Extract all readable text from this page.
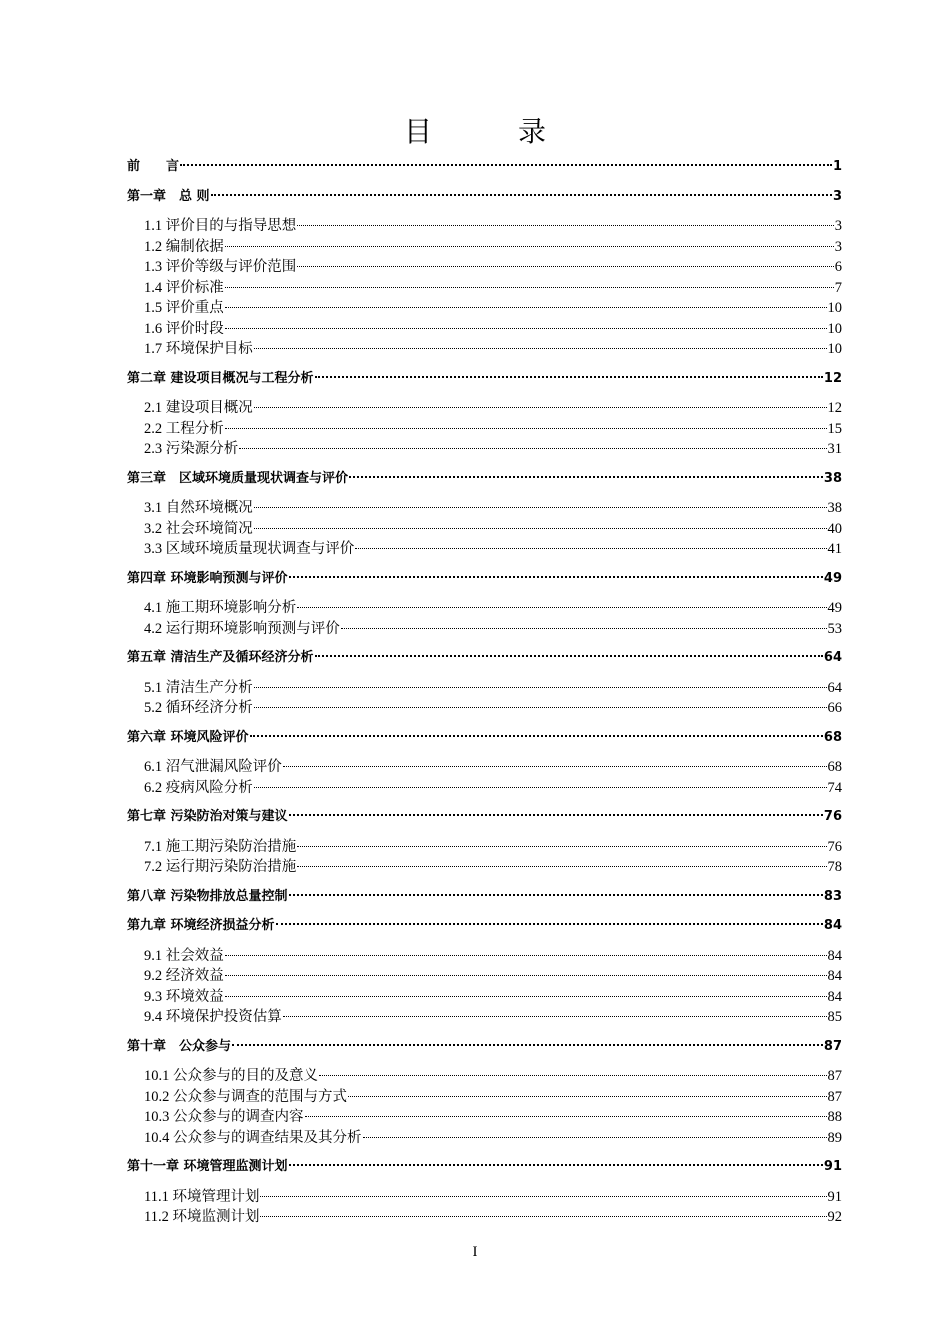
目	录
前　　言	1
第一章　总 则	3
1.1 评价目的与指导思想	3
1.2 编制依据	3
1.3 评价等级与评价范围	6
1.4 评价标准	7
1.5 评价重点	10
1.6 评价时段	10
1.7 环境保护目标	10
第二章 建设项目概况与工程分析	12
2.1 建设项目概况	12
2.2 工程分析	15
2.3 污染源分析	31
第三章　区域环境质量现状调查与评价	38
3.1 自然环境概况	38
3.2 社会环境简况	40
3.3 区域环境质量现状调查与评价	41
第四章 环境影响预测与评价	49
4.1 施工期环境影响分析	49
4.2 运行期环境影响预测与评价	53
第五章 清洁生产及循环经济分析	64
5.1 清洁生产分析	64
5.2 循环经济分析	66
第六章 环境风险评价	68
6.1 沼气泄漏风险评价	68
6.2 疫病风险分析	74
第七章 污染防治对策与建议	76
7.1 施工期污染防治措施	76
7.2 运行期污染防治措施	78
第八章 污染物排放总量控制	83
第九章 环境经济损益分析	84
9.1 社会效益	84
9.2 经济效益	84
9.3 环境效益	84
9.4 环境保护投资估算	85
第十章　公众参与	87
10.1 公众参与的目的及意义	87
10.2 公众参与调查的范围与方式	87
10.3 公众参与的调查内容	88
10.4 公众参与的调查结果及其分析	89
第十一章 环境管理监测计划	91
11.1 环境管理计划	91
11.2 环境监测计划	92
I
